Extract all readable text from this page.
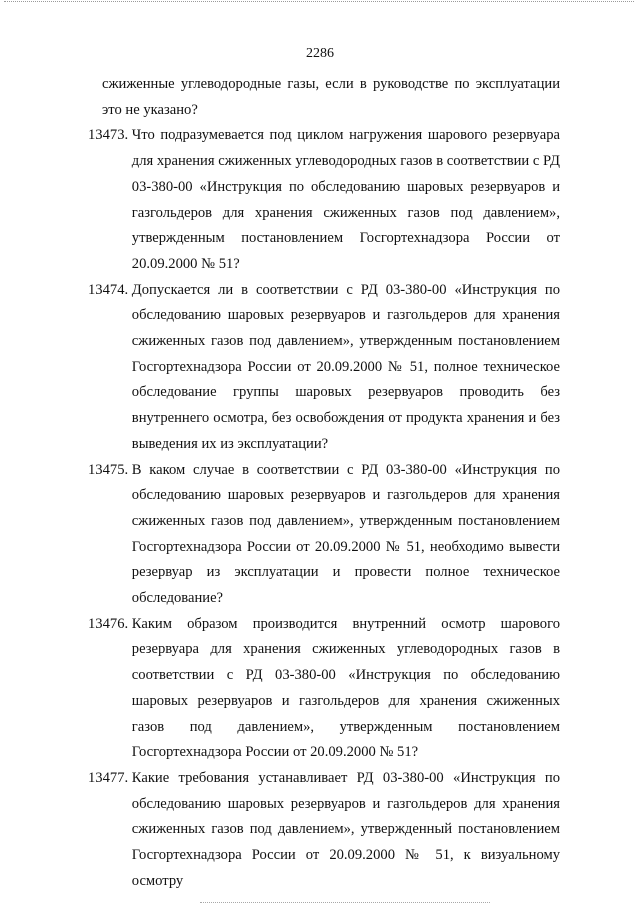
2286

сжиженные углеводородные газы, если в руководстве по эксплуатации это не указано?

13473.
Что подразумевается под циклом нагружения шарового резервуара для хранения сжиженных углеводородных газов в соответствии с РД 03-380-00 «Инструкция по обследованию шаровых резервуаров и газгольдеров для хранения сжиженных газов под давлением», утвержденным постановлением Госгортехнадзора России от 20.09.2000 № 51?

13474.
Допускается ли в соответствии с РД 03-380-00 «Инструкция по обследованию шаровых резервуаров и газгольдеров для хранения сжиженных газов под давлением», утвержденным постановлением Госгортехнадзора России от 20.09.2000 № 51, полное техническое обследование группы шаровых резервуаров проводить без внутреннего осмотра, без освобождения от продукта хранения и без выведения их из эксплуатации?

13475.
В каком случае в соответствии с РД 03-380-00 «Инструкция по обследованию шаровых резервуаров и газгольдеров для хранения сжиженных газов под давлением», утвержденным постановлением Госгортехнадзора России от 20.09.2000 № 51, необходимо вывести резервуар из эксплуатации и провести полное техническое обследование?

13476.
Каким образом производится внутренний осмотр шарового резервуара для хранения сжиженных углеводородных газов в соответствии с РД 03-380-00 «Инструкция по обследованию шаровых резервуаров и газгольдеров для хранения сжиженных газов под давлением», утвержденным постановлением Госгортехнадзора России от 20.09.2000 № 51?

13477.
Какие требования устанавливает РД 03-380-00 «Инструкция по обследованию шаровых резервуаров и газгольдеров для хранения сжиженных газов под давлением», утвержденный постановлением Госгортехнадзора России от 20.09.2000 № 51, к визуальному осмотру
